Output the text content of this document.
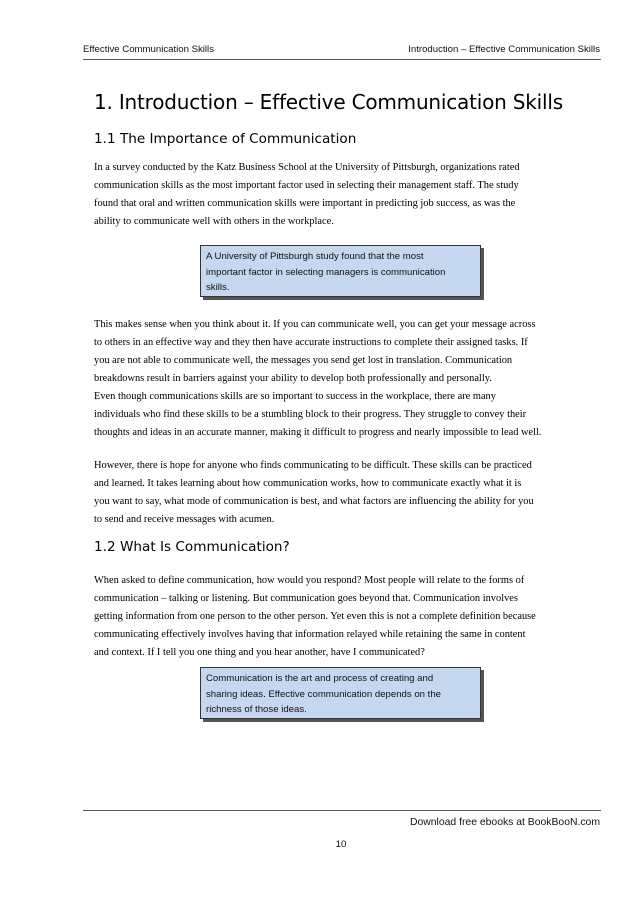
Effective Communication Skills	Introduction – Effective Communication Skills
1. Introduction – Effective Communication Skills
1.1 The Importance of Communication
In a survey conducted by the Katz Business School at the University of Pittsburgh, organizations rated
communication skills as the most important factor used in selecting their management staff. The study
found that oral and written communication skills were important in predicting job success, as was the
ability to communicate well with others in the workplace.
A University of Pittsburgh study found that the most
important factor in selecting managers is communication
skills.
This makes sense when you think about it. If you can communicate well, you can get your message across
to others in an effective way and they then have accurate instructions to complete their assigned tasks. If
you are not able to communicate well, the messages you send get lost in translation. Communication
breakdowns result in barriers against your ability to develop both professionally and personally.
Even though communications skills are so important to success in the workplace, there are many
individuals who find these skills to be a stumbling block to their progress. They struggle to convey their
thoughts and ideas in an accurate manner, making it difficult to progress and nearly impossible to lead well.
However, there is hope for anyone who finds communicating to be difficult. These skills can be practiced
and learned. It takes learning about how communication works, how to communicate exactly what it is
you want to say, what mode of communication is best, and what factors are influencing the ability for you
to send and receive messages with acumen.
1.2 What Is Communication?
When asked to define communication, how would you respond? Most people will relate to the forms of
communication – talking or listening. But communication goes beyond that. Communication involves
getting information from one person to the other person. Yet even this is not a complete definition because
communicating effectively involves having that information relayed while retaining the same in content
and context. If I tell you one thing and you hear another, have I communicated?
Communication is the art and process of creating and
sharing ideas. Effective communication depends on the
richness of those ideas.
Download free ebooks at BookBooN.com
10
